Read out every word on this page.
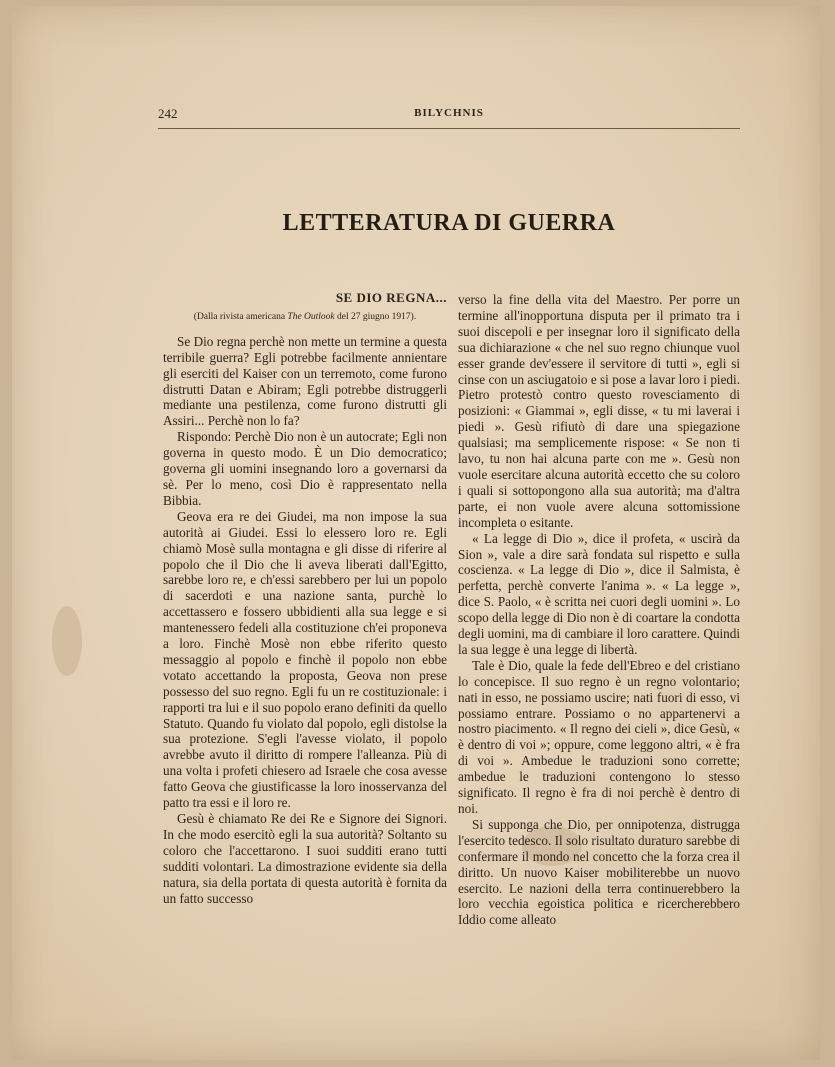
242	BILYCHNIS
LETTERATURA DI GUERRA
SE DIO REGNA...
(Dalla rivista americana The Outlook del 27 giugno 1917).

Se Dio regna perchè non mette un termine a questa terribile guerra? Egli potrebbe facilmente annientare gli eserciti del Kaiser con un terremoto, come furono distrutti Datan e Abiram; Egli potrebbe distruggerli mediante una pestilenza, come furono distrutti gli Assiri... Perchè non lo fa?

Rispondo: Perchè Dio non è un autocrate; Egli non governa in questo modo. È un Dio democratico; governa gli uomini insegnando loro a governarsi da sè. Per lo meno, così Dio è rappresentato nella Bibbia.

Geova era re dei Giudei, ma non impose la sua autorità ai Giudei. Essi lo elessero loro re. Egli chiamò Mosè sulla montagna e gli disse di riferire al popolo che il Dio che li aveva liberati dall'Egitto, sarebbe loro re, e ch'essi sarebbero per lui un popolo di sacerdoti e una nazione santa, purchè lo accettassero e fossero ubbidienti alla sua legge e si mantenessero fedeli alla costituzione ch'ei proponeva a loro. Finchè Mosè non ebbe riferito questo messaggio al popolo e finchè il popolo non ebbe votato accettando la proposta, Geova non prese possesso del suo regno. Egli fu un re costituzionale: i rapporti tra lui e il suo popolo erano definiti da quello Statuto. Quando fu violato dal popolo, egli distolse la sua protezione. S'egli l'avesse violato, il popolo avrebbe avuto il diritto di rompere l'alleanza. Più di una volta i profeti chiesero ad Israele che cosa avesse fatto Geova che giustificasse la loro inosservanza del patto tra essi e il loro re.

Gesù è chiamato Re dei Re e Signore dei Signori. In che modo esercitò egli la sua autorità? Soltanto su coloro che l'accettarono. I suoi sudditi erano tutti sudditi volontari. La dimostrazione evidente sia della natura, sia della portata di questa autorità è fornita da un fatto successo

verso la fine della vita del Maestro. Per porre un termine all'inopportuna disputa per il primato tra i suoi discepoli e per insegnar loro il significato della sua dichiarazione « che nel suo regno chiunque vuol esser grande dev'essere il servitore di tutti », egli si cinse con un asciugatoio e si pose a lavar loro i piedi. Pietro protestò contro questo rovesciamento di posizioni: « Giammai », egli disse, « tu mi laverai i piedi ». Gesù rifiutò di dare una spiegazione qualsiasi; ma semplicemente rispose: « Se non ti lavo, tu non hai alcuna parte con me ». Gesù non vuole esercitare alcuna autorità eccetto che su coloro i quali si sottopongono alla sua autorità; ma d'altra parte, ei non vuole avere alcuna sottomissione incompleta o esitante.

« La legge di Dio », dice il profeta, « uscirà da Sion », vale a dire sarà fondata sul rispetto e sulla coscienza. « La legge di Dio », dice il Salmista, è perfetta, perchè converte l'anima ». « La legge », dice S. Paolo, « è scritta nei cuori degli uomini ». Lo scopo della legge di Dio non è di coartare la condotta degli uomini, ma di cambiare il loro carattere. Quindi la sua legge è una legge di libertà.

Tale è Dio, quale la fede dell'Ebreo e del cristiano lo concepisce. Il suo regno è un regno volontario; nati in esso, ne possiamo uscire; nati fuori di esso, vi possiamo entrare. Possiamo o no appartenervi a nostro piacimento. « Il regno dei cieli », dice Gesù, « è dentro di voi »; oppure, come leggono altri, « è fra di voi ». Ambedue le traduzioni sono corrette; ambedue le traduzioni contengono lo stesso significato. Il regno è fra di noi perchè è dentro di noi.

Si supponga che Dio, per onnipotenza, distrugga l'esercito tedesco. Il solo risultato duraturo sarebbe di confermare il mondo nel concetto che la forza crea il diritto. Un nuovo Kaiser mobiliterebbe un nuovo esercito. Le nazioni della terra continuerebbero la loro vecchia egoistica politica e ricercherebbero Iddio come alleato
